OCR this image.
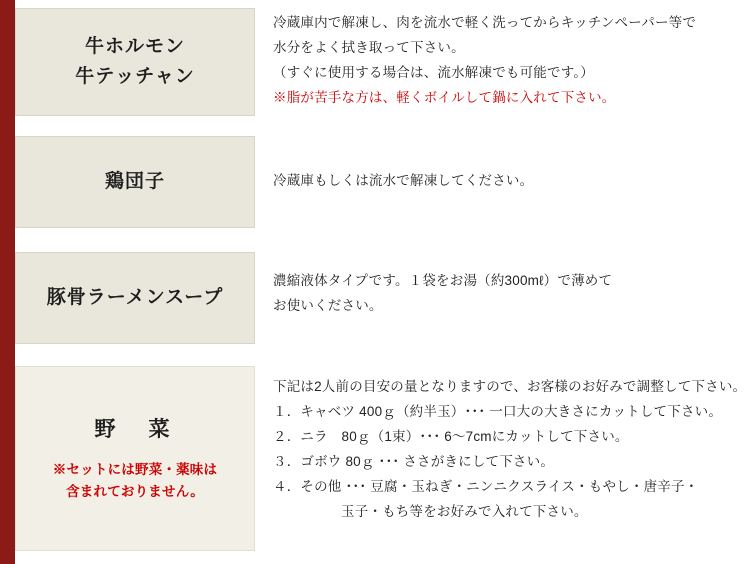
牛ホルモン
牛テッチャン
冷蔵庫内で解凍し、肉を流水で軽く洗ってからキッチンペーパー等で
水分をよく拭き取って下さい。
（すぐに使用する場合は、流水解凍でも可能です。）
※脂が苦手な方は、軽くボイルして鍋に入れて下さい。
鶏団子	冷蔵庫もしくは流水で解凍してください。
豚骨ラーメンスープ
濃縮液体タイプです。１袋をお湯（約300mℓ）で薄めて
お使いください。
野　菜
※セットには野菜・薬味は
含まれておりません。
下記は2人前の目安の量となりますので、お客様のお好みで調整して下さい。
１．キャベツ 400ｇ（約半玉）･･･ 一口大の大きさにカットして下さい。
２．ニラ　80ｇ（1束）･･･ 6〜7cmにカットして下さい。
３．ゴボウ 80ｇ ･･･ ささがきにして下さい。
４．その他 ･･･ 豆腐・玉ねぎ・ニンニクスライス・もやし・唐辛子・
玉子・もち等をお好みで入れて下さい。
